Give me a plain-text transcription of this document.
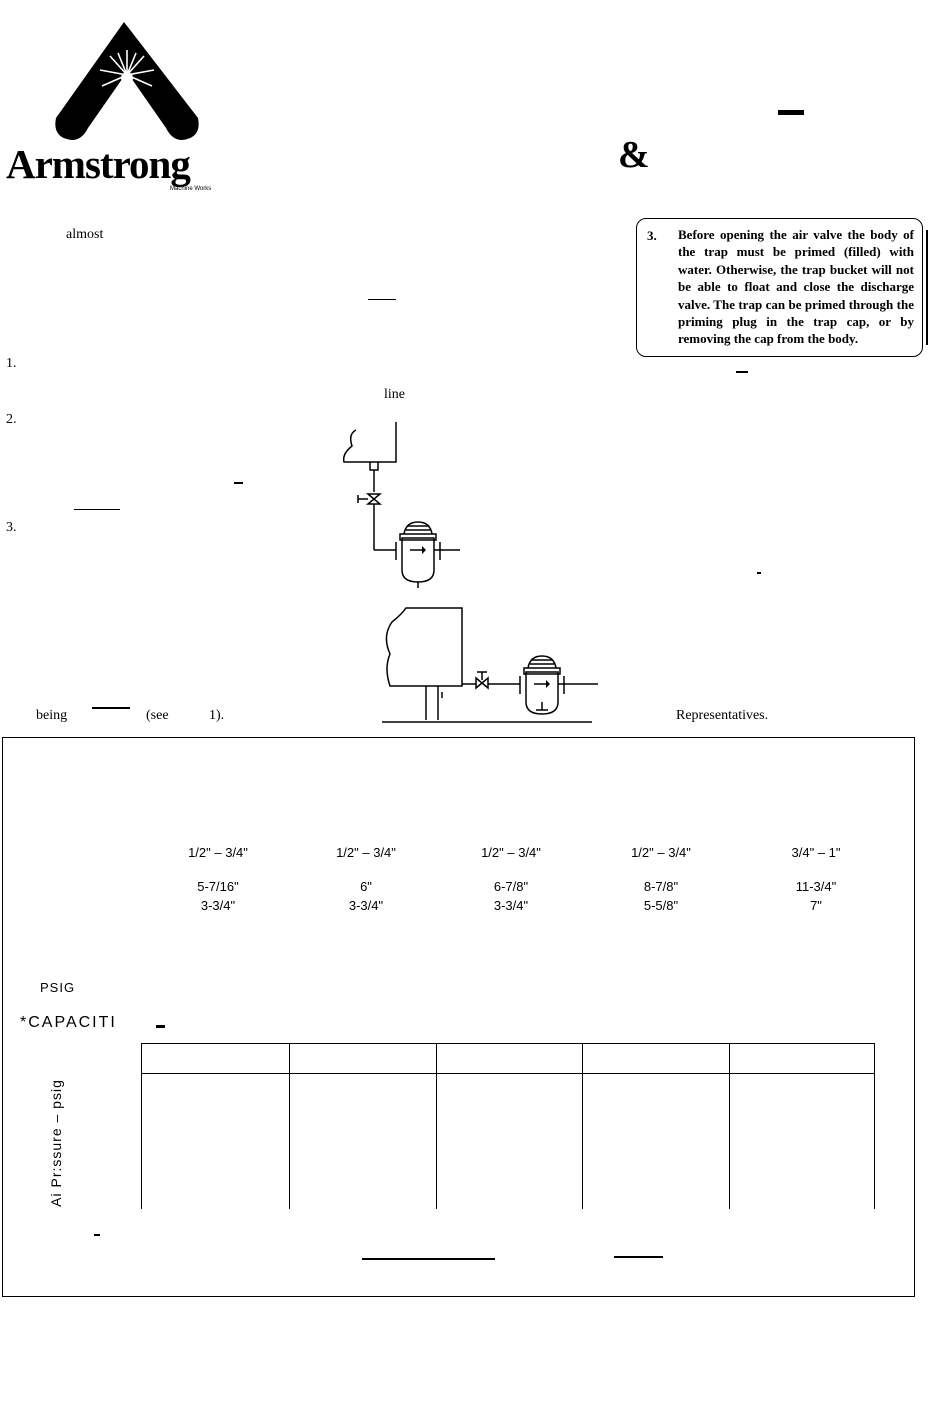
Armstrong
Machine Works
&
almost
1.
2.
3.
being	(see	1).
line
3. Before opening the air valve the body of the trap must be primed (filled) with water. Otherwise, the trap bucket will not be able to float and close the discharge valve. The trap can be primed through the priming plug in the trap cap, or by removing the cap from the body.
Representatives.
1/2" – 3/4"	1/2" – 3/4"	1/2" – 3/4"	1/2" – 3/4"	3/4" – 1"
5-7/16"	6"	6-7/8"	8-7/8"	11-3/4"
3-3/4"	3-3/4"	3-3/4"	5-5/8"	7"
PSIG
*CAPACITI
Ai Pr:ssure – psig
